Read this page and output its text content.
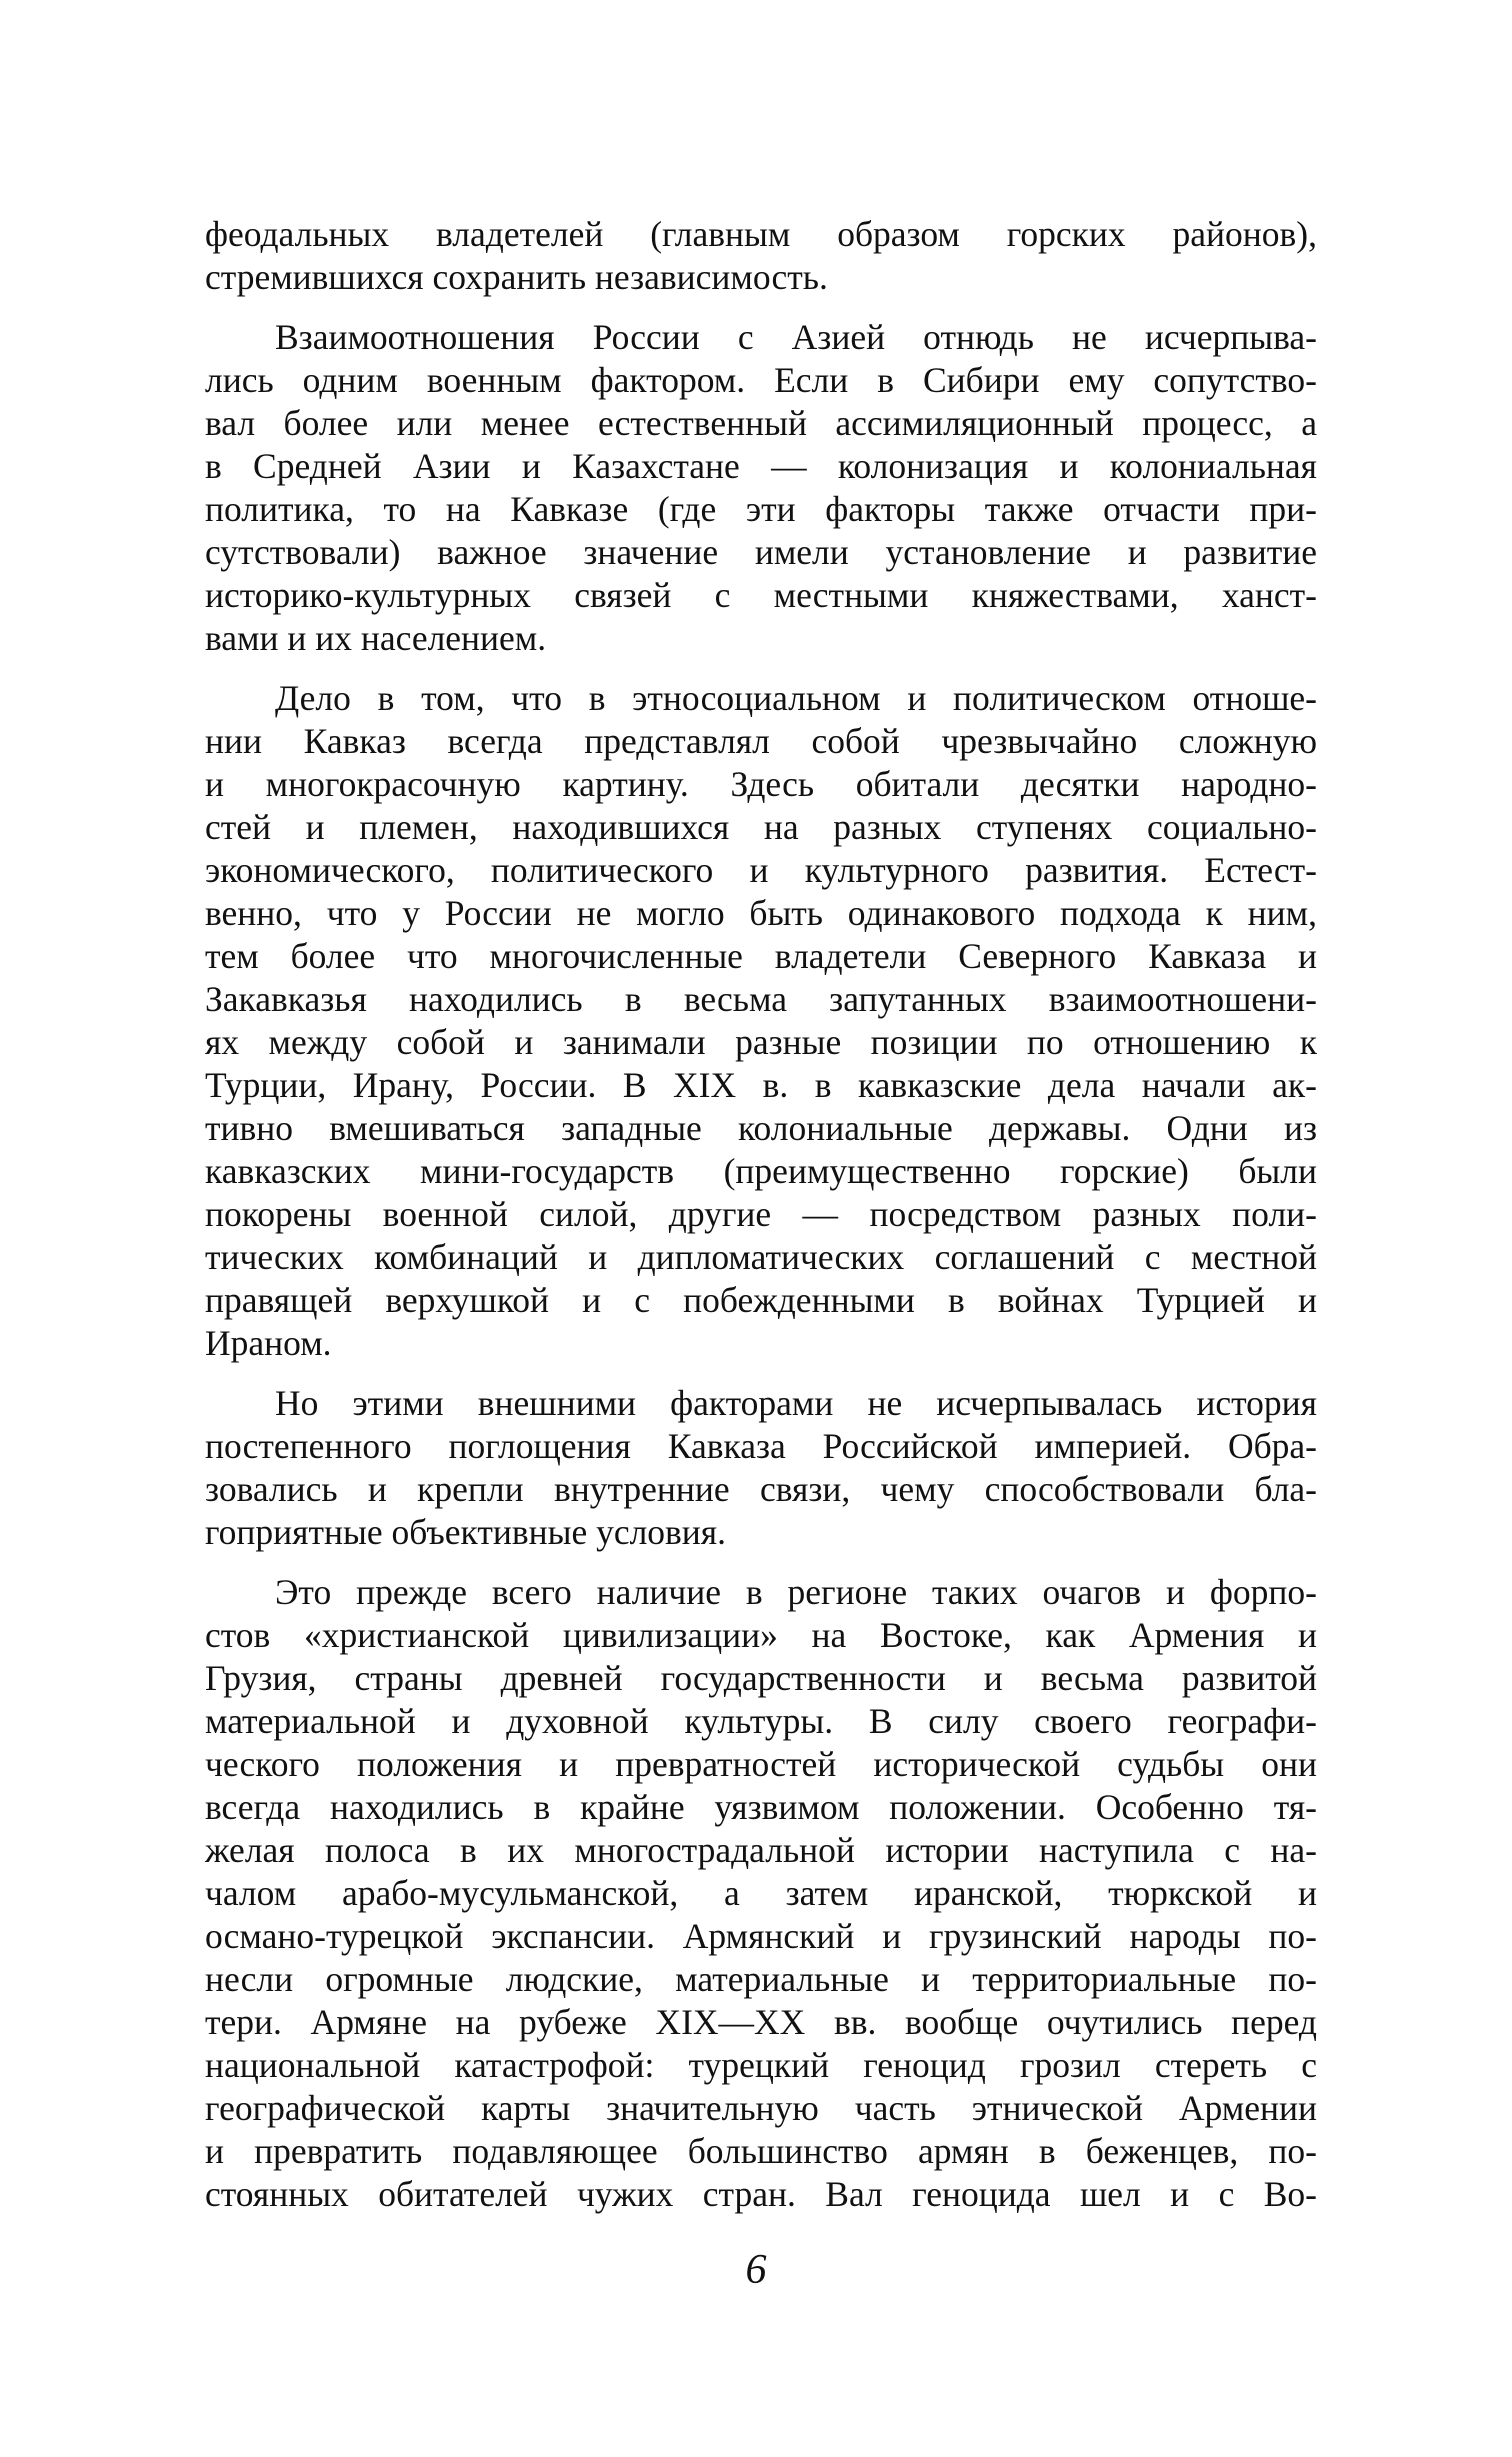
феодальных владетелей (главным образом горских районов),
стремившихся сохранить независимость.
Взаимоотношения России с Азией отнюдь не исчерпыва-
лись одним военным фактором. Если в Сибири ему сопутство-
вал более или менее естественный ассимиляционный процесс, а
в Средней Азии и Казахстане — колонизация и колониальная
политика, то на Кавказе (где эти факторы также отчасти при-
сутствовали) важное значение имели установление и развитие
историко-культурных связей с местными княжествами, ханст-
вами и их населением.
Дело в том, что в этносоциальном и политическом отноше-
нии Кавказ всегда представлял собой чрезвычайно сложную
и многокрасочную картину. Здесь обитали десятки народно-
стей и племен, находившихся на разных ступенях социально-
экономического, политического и культурного развития. Естест-
венно, что у России не могло быть одинакового подхода к ним,
тем более что многочисленные владетели Северного Кавказа и
Закавказья находились в весьма запутанных взаимоотношени-
ях между собой и занимали разные позиции по отношению к
Турции, Ирану, России. В XIX в. в кавказские дела начали ак-
тивно вмешиваться западные колониальные державы. Одни из
кавказских мини-государств (преимущественно горские) были
покорены военной силой, другие — посредством разных поли-
тических комбинаций и дипломатических соглашений с местной
правящей верхушкой и с побежденными в войнах Турцией и
Ираном.
Но этими внешними факторами не исчерпывалась история
постепенного поглощения Кавказа Российской империей. Обра-
зовались и крепли внутренние связи, чему способствовали бла-
гоприятные объективные условия.
Это прежде всего наличие в регионе таких очагов и форпо-
стов «христианской цивилизации» на Востоке, как Армения и
Грузия, страны древней государственности и весьма развитой
материальной и духовной культуры. В силу своего географи-
ческого положения и превратностей исторической судьбы они
всегда находились в крайне уязвимом положении. Особенно тя-
желая полоса в их многострадальной истории наступила с на-
чалом арабо-мусульманской, а затем иранской, тюркской и
османо-турецкой экспансии. Армянский и грузинский народы по-
несли огромные людские, материальные и территориальные по-
тери. Армяне на рубеже XIX—XX вв. вообще очутились перед
национальной катастрофой: турецкий геноцид грозил стереть с
географической карты значительную часть этнической Армении
и превратить подавляющее большинство армян в беженцев, по-
стоянных обитателей чужих стран. Вал геноцида шел и с Во-
6
